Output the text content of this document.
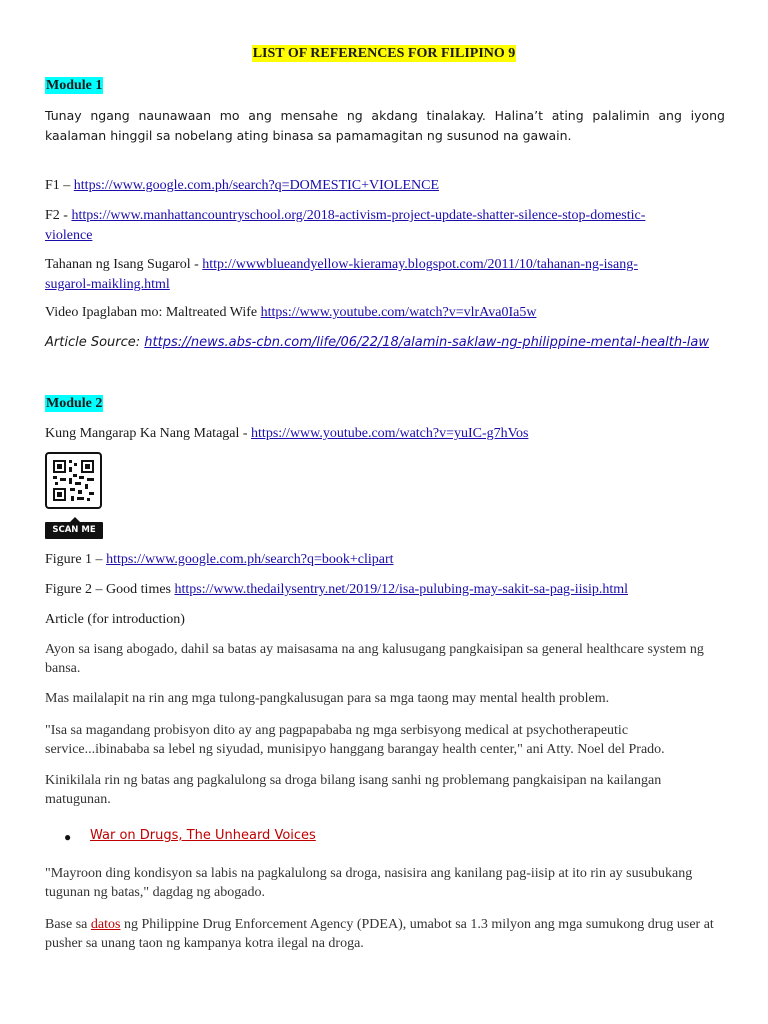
LIST OF REFERENCES FOR FILIPINO 9
Module 1
Tunay ngang naunawaan mo ang mensahe ng akdang tinalakay. Halina’t ating palalimin ang iyong kaalaman hinggil sa nobelang ating binasa sa pamamagitan ng susunod na gawain.
F1 – https://www.google.com.ph/search?q=DOMESTIC+VIOLENCE
F2 - https://www.manhattancountryschool.org/2018-activism-project-update-shatter-silence-stop-domestic-
violence
Tahanan ng Isang Sugarol - http://wwwblueandyellow-kieramay.blogspot.com/2011/10/tahanan-ng-isang-
sugarol-maikling.html
Video Ipaglaban mo: Maltreated Wife https://www.youtube.com/watch?v=vlrAva0Ia5w
Article Source: https://news.abs-cbn.com/life/06/22/18/alamin-saklaw-ng-philippine-mental-health-law
Module 2
Kung Mangarap Ka Nang Matagal - https://www.youtube.com/watch?v=yuIC-g7hVos
SCAN ME
Figure 1 – https://www.google.com.ph/search?q=book+clipart
Figure 2 – Good times https://www.thedailysentry.net/2019/12/isa-pulubing-may-sakit-sa-pag-iisip.html
Article (for introduction)
Ayon sa isang abogado, dahil sa batas ay maisasama na ang kalusugang pangkaisipan sa general healthcare system ng bansa.
Mas mailalapit na rin ang mga tulong-pangkalusugan para sa mga taong may mental health problem.
"Isa sa magandang probisyon dito ay ang pagpapababa ng mga serbisyong medical at psychotherapeutic service...ibinababa sa lebel ng siyudad, munisipyo hanggang barangay health center," ani Atty. Noel del Prado.
Kinikilala rin ng batas ang pagkalulong sa droga bilang isang sanhi ng problemang pangkaisipan na kailangan matugunan.
● War on Drugs, The Unheard Voices
"Mayroon ding kondisyon sa labis na pagkalulong sa droga, nasisira ang kanilang pag-iisip at ito rin ay susubukang tugunan ng batas," dagdag ng abogado.
Base sa datos ng Philippine Drug Enforcement Agency (PDEA), umabot sa 1.3 milyon ang mga sumukong drug user at pusher sa unang taon ng kampanya kotra ilegal na droga.
